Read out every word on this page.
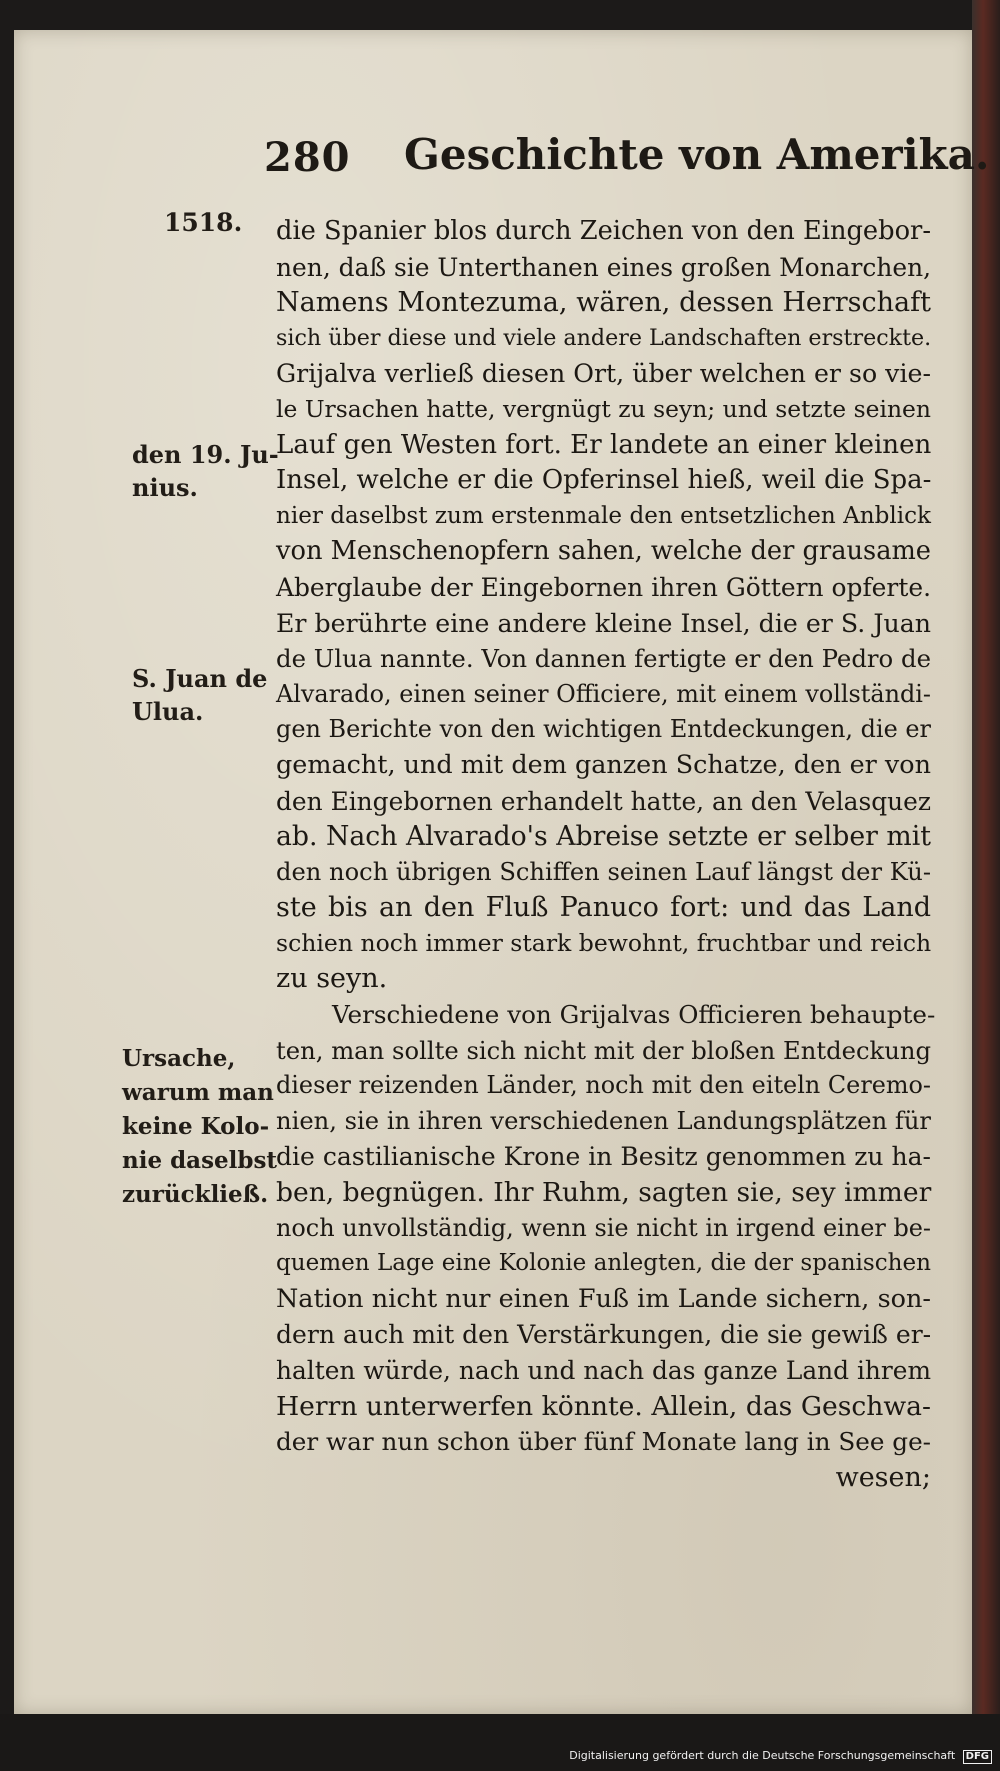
280 Geschichte von Amerika.
1518.
den 19. Ju-
nius.
S. Juan de
Ulua.
Ursache,
warum man
keine Kolo-
nie daselbst
zurückließ.
die Spanier blos durch Zeichen von den Eingebor-
nen, daß sie Unterthanen eines großen Monarchen,
Namens Montezuma, wären, dessen Herrschaft
sich über diese und viele andere Landschaften erstreckte.
Grijalva verließ diesen Ort, über welchen er so vie-
le Ursachen hatte, vergnügt zu seyn; und setzte seinen
Lauf gen Westen fort. Er landete an einer kleinen
Insel, welche er die Opferinsel hieß, weil die Spa-
nier daselbst zum erstenmale den entsetzlichen Anblick
von Menschenopfern sahen, welche der grausame
Aberglaube der Eingebornen ihren Göttern opferte.
Er berührte eine andere kleine Insel, die er S. Juan
de Ulua nannte. Von dannen fertigte er den Pedro de
Alvarado, einen seiner Officiere, mit einem vollständi-
gen Berichte von den wichtigen Entdeckungen, die er
gemacht, und mit dem ganzen Schatze, den er von
den Eingebornen erhandelt hatte, an den Velasquez
ab. Nach Alvarado's Abreise setzte er selber mit
den noch übrigen Schiffen seinen Lauf längst der Kü-
ste bis an den Fluß Panuco fort: und das Land
schien noch immer stark bewohnt, fruchtbar und reich
zu seyn.
Verschiedene von Grijalvas Officieren behaupte-
ten, man sollte sich nicht mit der bloßen Entdeckung
dieser reizenden Länder, noch mit den eiteln Ceremo-
nien, sie in ihren verschiedenen Landungsplätzen für
die castilianische Krone in Besitz genommen zu ha-
ben, begnügen. Ihr Ruhm, sagten sie, sey immer
noch unvollständig, wenn sie nicht in irgend einer be-
quemen Lage eine Kolonie anlegten, die der spanischen
Nation nicht nur einen Fuß im Lande sichern, son-
dern auch mit den Verstärkungen, die sie gewiß er-
halten würde, nach und nach das ganze Land ihrem
Herrn unterwerfen könnte. Allein, das Geschwa-
der war nun schon über fünf Monate lang in See ge-
wesen;
Digitalisierung gefördert durch die Deutsche Forschungsgemeinschaft DFG
